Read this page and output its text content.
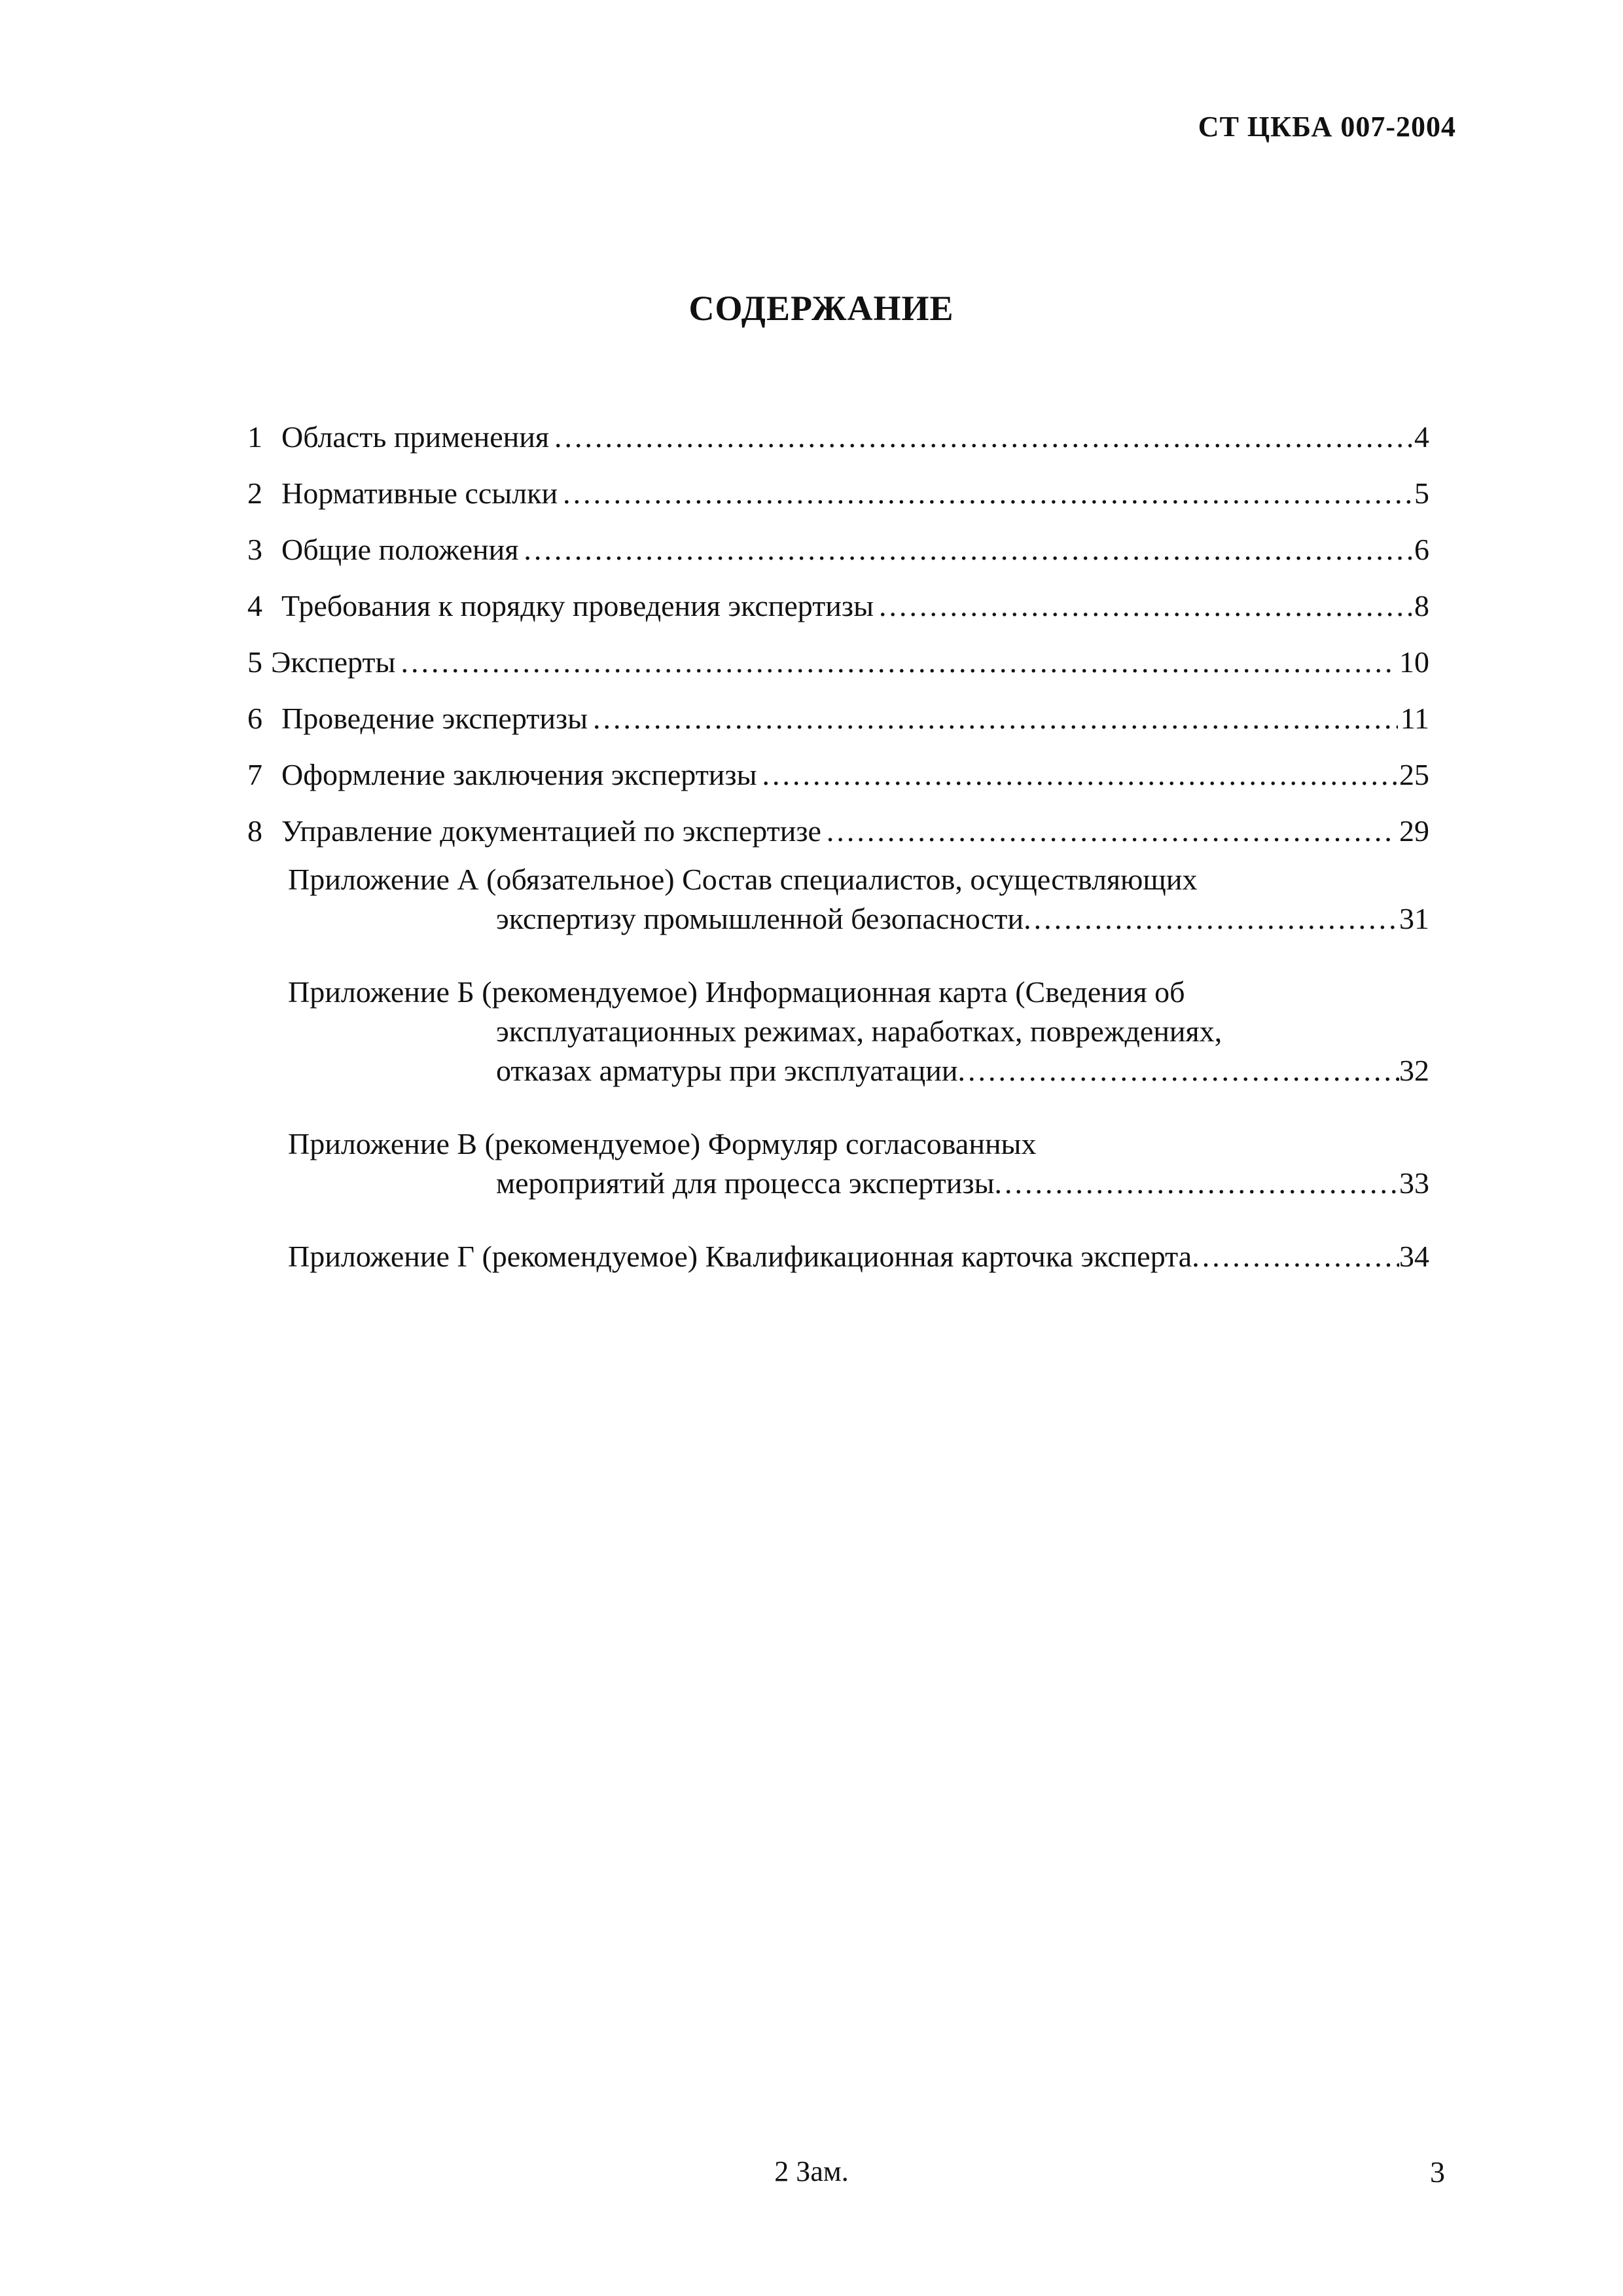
СТ ЦКБА 007-2004
СОДЕРЖАНИЕ
1 Область применения .....	4
2 Нормативные ссылки .....	5
3 Общие положения .....	6
4 Требования к порядку проведения экспертизы .....	8
5 Эксперты .....	10
6 Проведение экспертизы .....	11
7 Оформление заключения экспертизы .....	25
8 Управление документацией по экспертизе .....	29
Приложение А (обязательное) Состав специалистов, осуществляющих
экспертизу промышленной безопасности .....	31
Приложение Б (рекомендуемое) Информационная карта (Сведения об
эксплуатационных режимах, наработках, повреждениях,
отказах арматуры при эксплуатации .....	32
Приложение В (рекомендуемое) Формуляр согласованных
мероприятий для процесса экспертизы .....	33
Приложение Г (рекомендуемое) Квалификационная карточка эксперта .....	34
2 Зам.	3
